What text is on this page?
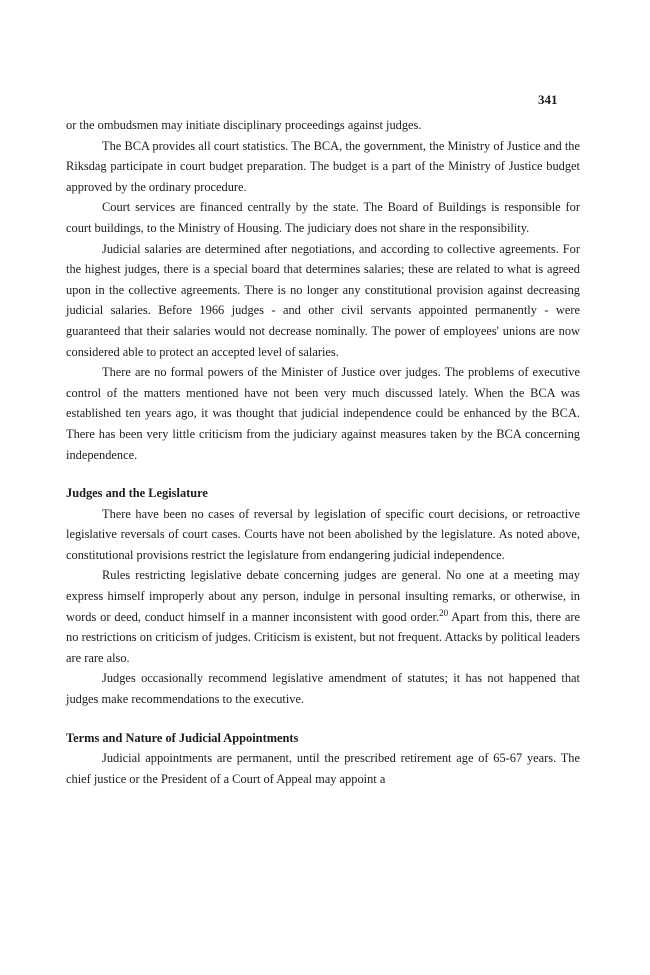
341

or the ombudsmen may initiate disciplinary proceedings against judges.

The BCA provides all court statistics. The BCA, the government, the Ministry of Justice and the Riksdag participate in court budget preparation. The budget is a part of the Ministry of Justice budget approved by the ordinary procedure.

Court services are financed centrally by the state. The Board of Buildings is responsible for court buildings, to the Ministry of Housing. The judiciary does not share in the responsibility.

Judicial salaries are determined after negotiations, and according to collective agreements. For the highest judges, there is a special board that determines salaries; these are related to what is agreed upon in the collective agreements. There is no longer any constitutional provision against decreasing judicial salaries. Before 1966 judges - and other civil servants appointed permanently - were guaranteed that their salaries would not decrease nominally. The power of employees' unions are now considered able to protect an accepted level of salaries.

There are no formal powers of the Minister of Justice over judges. The problems of executive control of the matters mentioned have not been very much discussed lately. When the BCA was established ten years ago, it was thought that judicial independence could be enhanced by the BCA. There has been very little criticism from the judiciary against measures taken by the BCA concerning independence.

Judges and the Legislature

There have been no cases of reversal by legislation of specific court decisions, or retroactive legislative reversals of court cases. Courts have not been abolished by the legislature. As noted above, constitutional provisions restrict the legislature from endangering judicial independence.

Rules restricting legislative debate concerning judges are general. No one at a meeting may express himself improperly about any person, indulge in personal insulting remarks, or otherwise, in words or deed, conduct himself in a manner inconsistent with good order.$^{20}$ Apart from this, there are no restrictions on criticism of judges. Criticism is existent, but not frequent. Attacks by political leaders are rare also.

Judges occasionally recommend legislative amendment of statutes; it has not happened that judges make recommendations to the executive.

Terms and Nature of Judicial Appointments

Judicial appointments are permanent, until the prescribed retirement age of 65-67 years. The chief justice or the President of a Court of Appeal may appoint a
